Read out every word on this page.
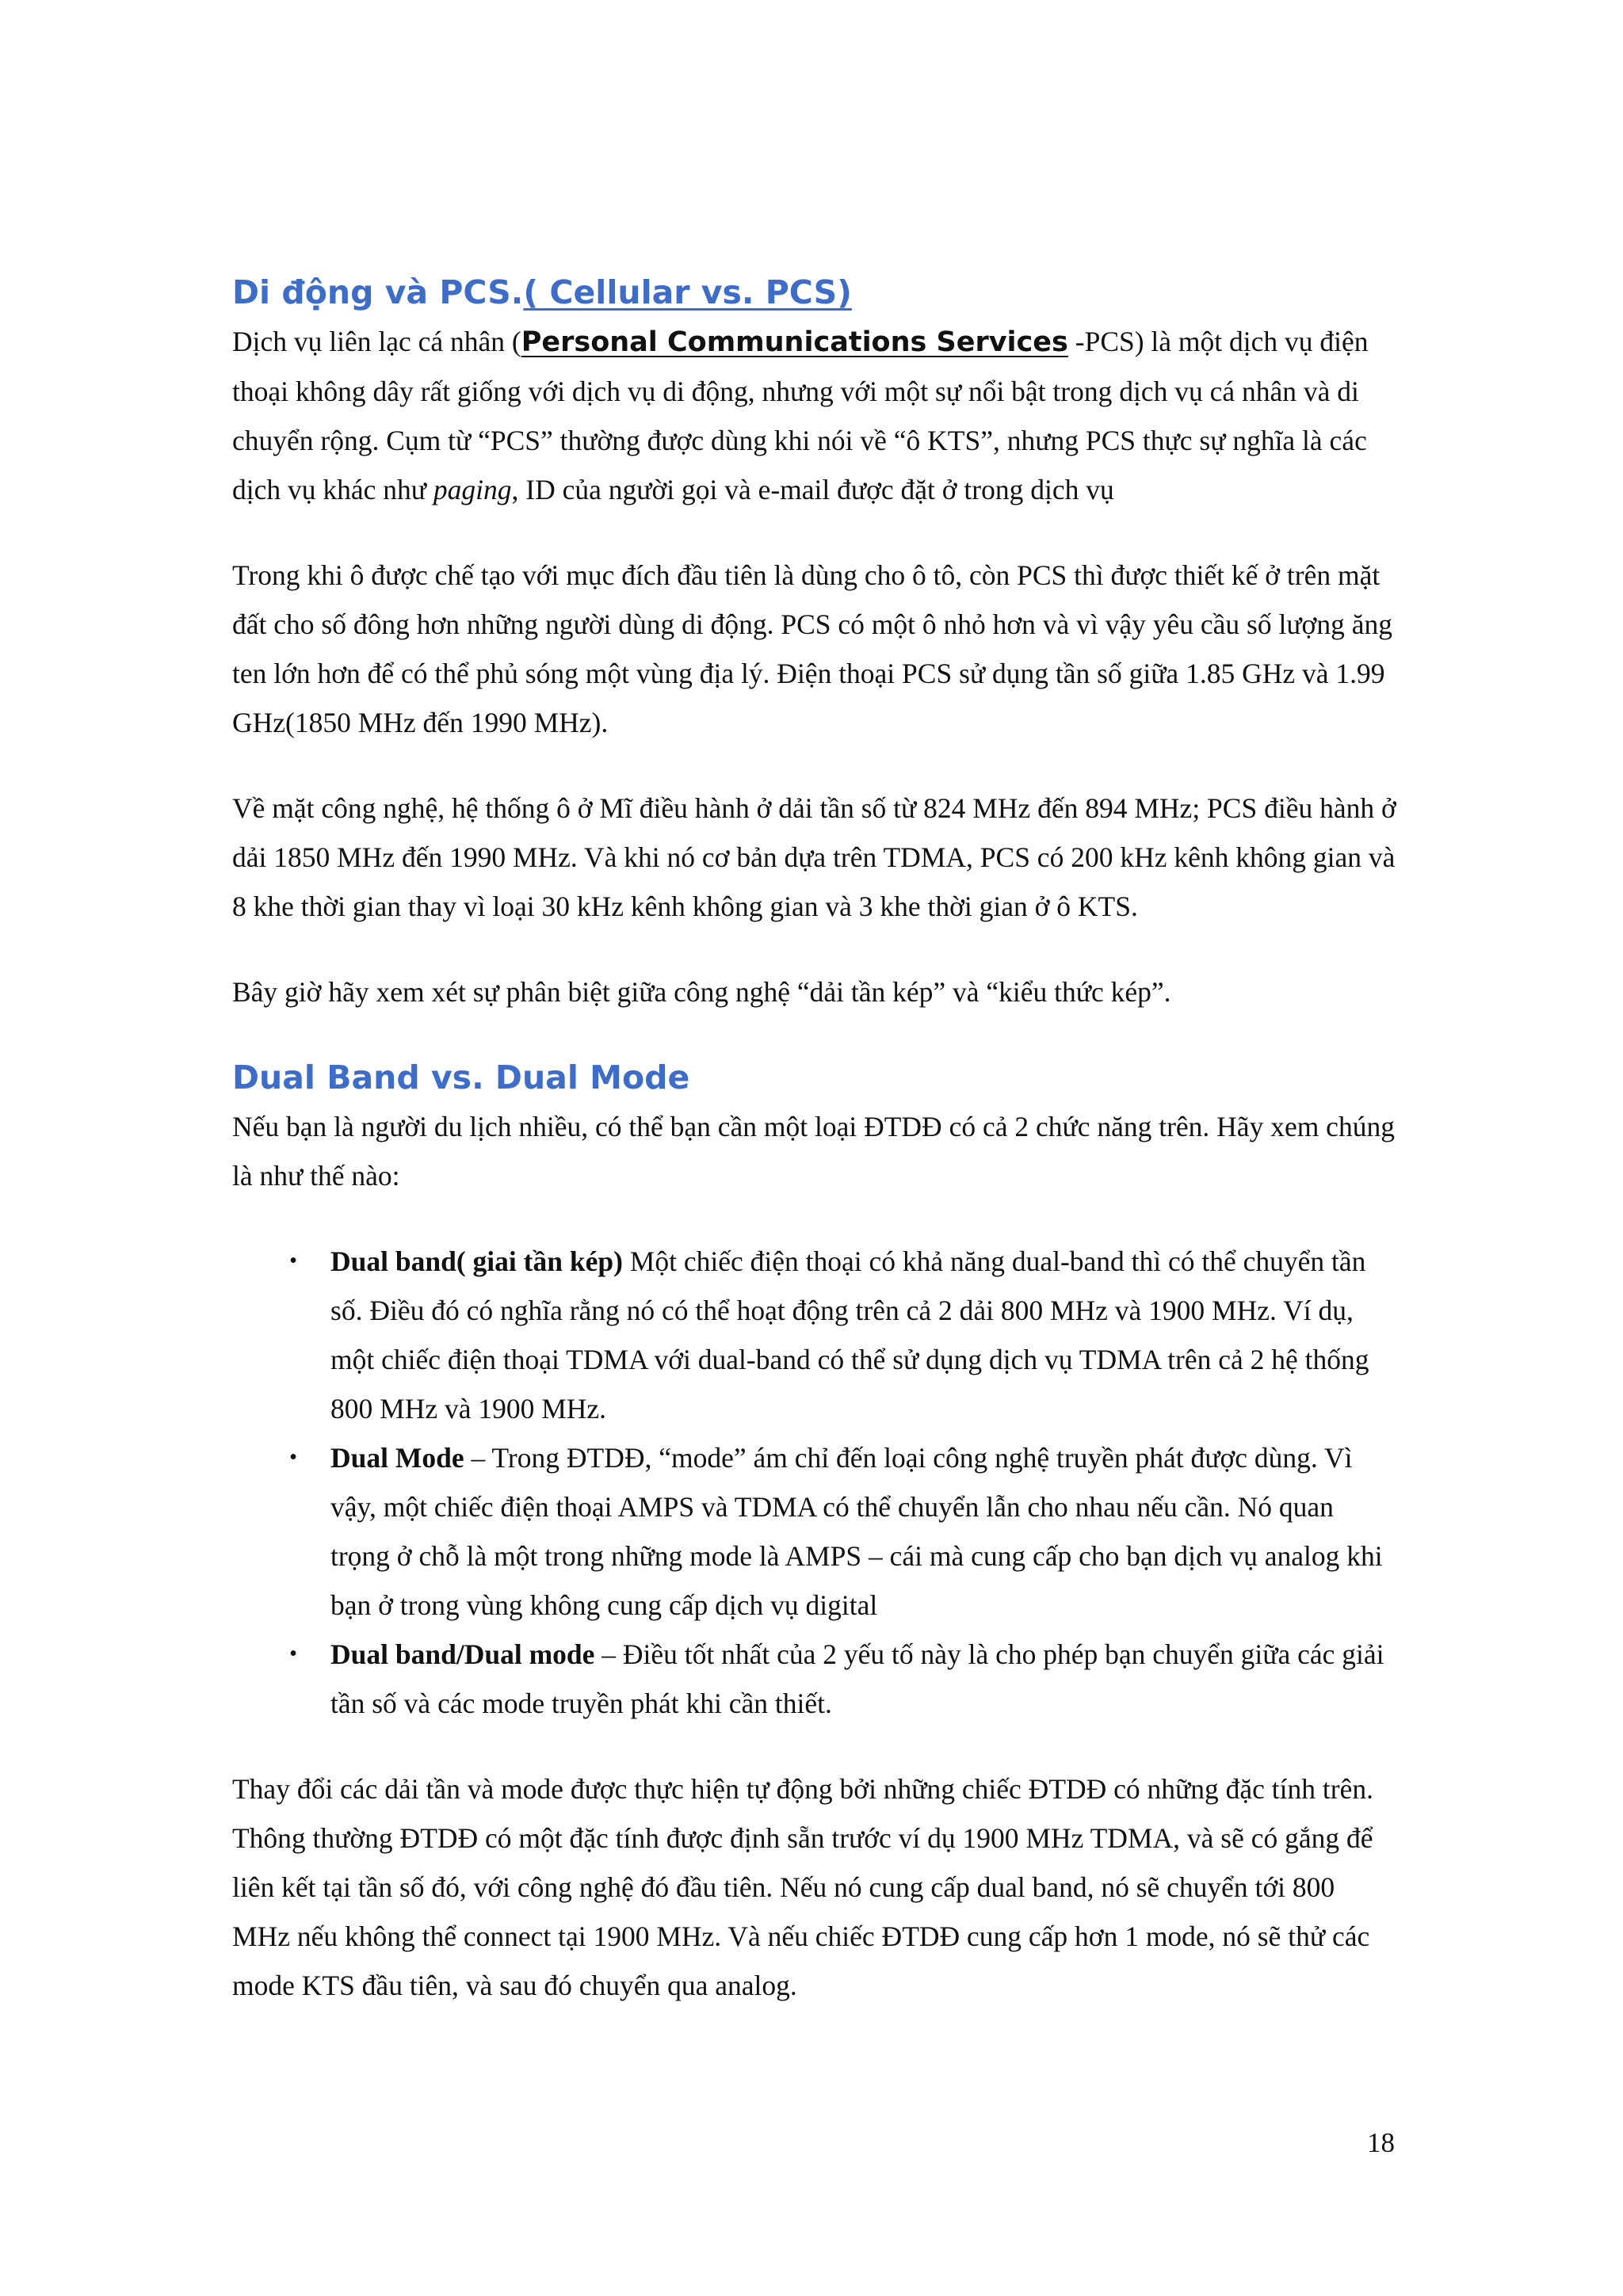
Di động và PCS.( Cellular vs. PCS)

Dịch vụ liên lạc cá nhân (Personal Communications Services -PCS) là một dịch vụ điện thoại không dây rất giống với dịch vụ di động, nhưng với một sự nổi bật trong dịch vụ cá nhân và di chuyển rộng. Cụm từ “PCS” thường được dùng khi nói về “ô KTS”, nhưng PCS thực sự nghĩa là các dịch vụ khác như paging, ID của người gọi và e-mail được đặt ở trong dịch vụ

Trong khi ô được chế tạo với mục đích đầu tiên là dùng cho ô tô, còn PCS thì được thiết kế ở trên mặt đất cho số đông hơn những người dùng di động. PCS có một ô nhỏ hơn và vì vậy yêu cầu số lượng ăng ten lớn hơn để có thể phủ sóng một vùng địa lý. Điện thoại PCS sử dụng tần số giữa 1.85 GHz và 1.99 GHz(1850 MHz đến 1990 MHz).

Về mặt công nghệ, hệ thống ô ở Mĩ điều hành ở dải tần số từ 824 MHz đến 894 MHz; PCS điều hành ở dải 1850 MHz đến 1990 MHz. Và khi nó cơ bản dựa trên TDMA, PCS có 200 kHz kênh không gian và 8 khe thời gian thay vì loại 30 kHz kênh không gian và 3 khe thời gian ở ô KTS.

Bây giờ hãy xem xét sự phân biệt giữa công nghệ “dải tần kép” và “kiểu thức kép”.

Dual Band vs. Dual Mode

Nếu bạn là người du lịch nhiều, có thể bạn cần một loại ĐTDĐ có cả 2 chức năng trên. Hãy xem chúng là như thế nào:

• Dual band( giai tần kép) Một chiếc điện thoại có khả năng dual-band thì có thể chuyển tần số. Điều đó có nghĩa rằng nó có thể hoạt động trên cả 2 dải 800 MHz và 1900 MHz. Ví dụ, một chiếc điện thoại TDMA với dual-band có thể sử dụng dịch vụ TDMA trên cả 2 hệ thống 800 MHz và 1900 MHz.
• Dual Mode – Trong ĐTDĐ, “mode” ám chỉ đến loại công nghệ truyền phát được dùng. Vì vậy, một chiếc điện thoại AMPS và TDMA có thể chuyển lẫn cho nhau nếu cần. Nó quan trọng ở chỗ là một trong những mode là AMPS – cái mà cung cấp cho bạn dịch vụ analog khi bạn ở trong vùng không cung cấp dịch vụ digital
• Dual band/Dual mode – Điều tốt nhất của 2 yếu tố này là cho phép bạn chuyển giữa các giải tần số và các mode truyền phát khi cần thiết.

Thay đổi các dải tần và mode được thực hiện tự động bởi những chiếc ĐTDĐ có những đặc tính trên. Thông thường ĐTDĐ có một đặc tính được định sẵn trước ví dụ 1900 MHz TDMA, và sẽ có gắng để liên kết tại tần số đó, với công nghệ đó đầu tiên. Nếu nó cung cấp dual band, nó sẽ chuyển tới 800 MHz nếu không thể connect tại 1900 MHz. Và nếu chiếc ĐTDĐ cung cấp hơn 1 mode, nó sẽ thử các mode KTS đầu tiên, và sau đó chuyển qua analog.

18
